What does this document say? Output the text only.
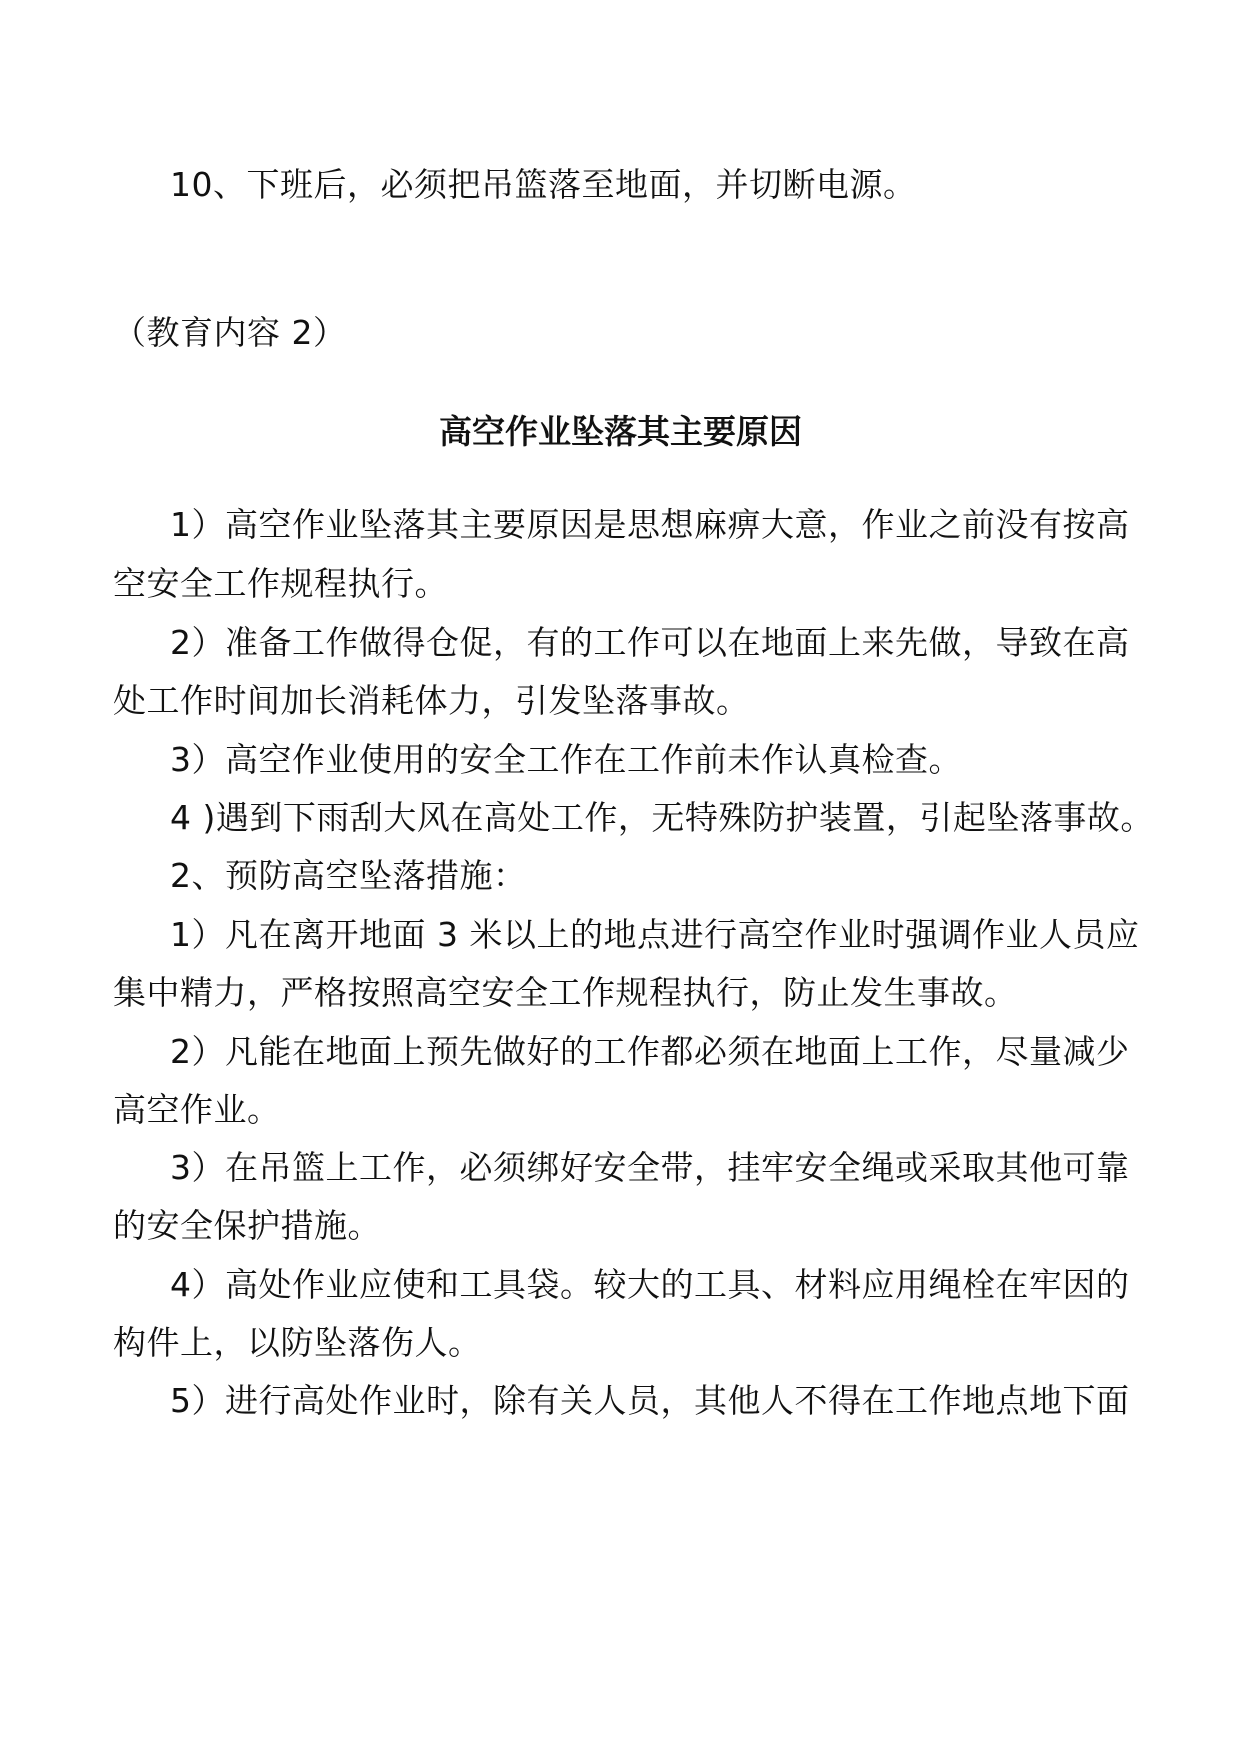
10、下班后，必须把吊篮落至地面，并切断电源。
（教育内容 2）
高空作业坠落其主要原因
1）高空作业坠落其主要原因是思想麻痹大意，作业之前没有按高
空安全工作规程执行。
2）准备工作做得仓促，有的工作可以在地面上来先做，导致在高
处工作时间加长消耗体力，引发坠落事故。
3）高空作业使用的安全工作在工作前未作认真检查。
4 )遇到下雨刮大风在高处工作，无特殊防护装置，引起坠落事故。
2、预防高空坠落措施：
1）凡在离开地面 3 米以上的地点进行高空作业时强调作业人员应
集中精力，严格按照高空安全工作规程执行，防止发生事故。
2）凡能在地面上预先做好的工作都必须在地面上工作，尽量减少
高空作业。
3）在吊篮上工作，必须绑好安全带，挂牢安全绳或采取其他可靠
的安全保护措施。
4）高处作业应使和工具袋。较大的工具、材料应用绳栓在牢因的
构件上，以防坠落伤人。
5）进行高处作业时，除有关人员，其他人不得在工作地点地下面
